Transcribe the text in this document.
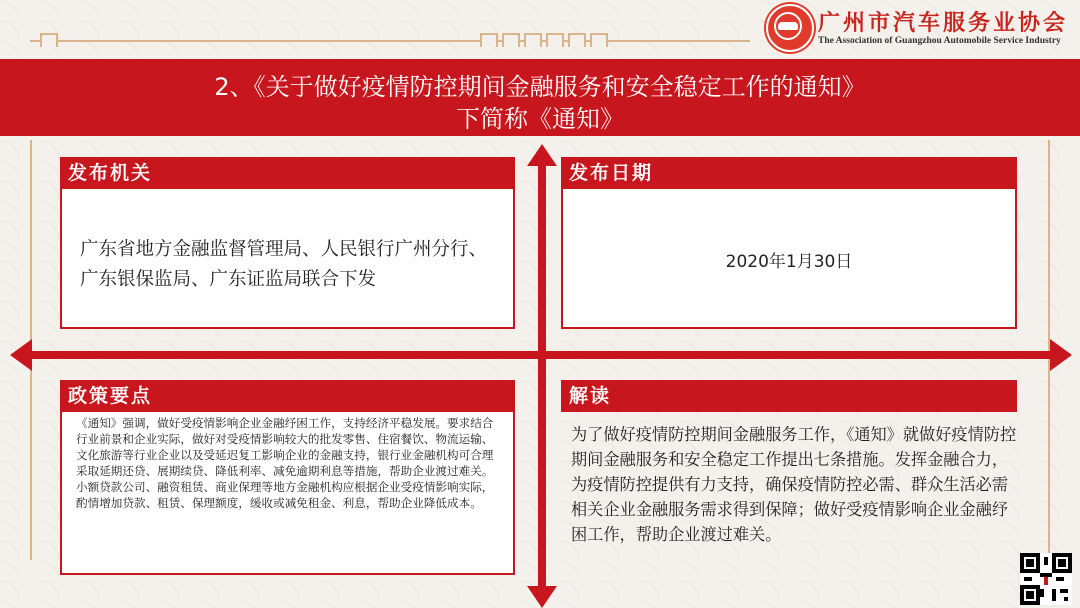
广州市汽车服务业协会
The Association of Guangzhou Automobile Service Industry
2、《关于做好疫情防控期间金融服务和安全稳定工作的通知》
下简称《通知》
发布机关
广东省地方金融监督管理局、人民银行广州分行、广东银保监局、广东证监局联合下发
发布日期
2020年1月30日
政策要点
《通知》强调，做好受疫情影响企业金融纾困工作，支持经济平稳发展。要求结合行业前景和企业实际，做好对受疫情影响较大的批发零售、住宿餐饮、物流运输、文化旅游等行业企业以及受延迟复工影响企业的金融支持，银行业金融机构可合理采取延期还贷、展期续贷、降低利率、减免逾期利息等措施，帮助企业渡过难关。小额贷款公司、融资租赁、商业保理等地方金融机构应根据企业受疫情影响实际，酌情增加贷款、租赁、保理额度，缓收或减免租金、利息，帮助企业降低成本。
解读
为了做好疫情防控期间金融服务工作，《通知》就做好疫情防控期间金融服务和安全稳定工作提出七条措施。发挥金融合力，为疫情防控提供有力支持，确保疫情防控必需、群众生活必需相关企业金融服务需求得到保障；做好受疫情影响企业金融纾困工作，帮助企业渡过难关。
